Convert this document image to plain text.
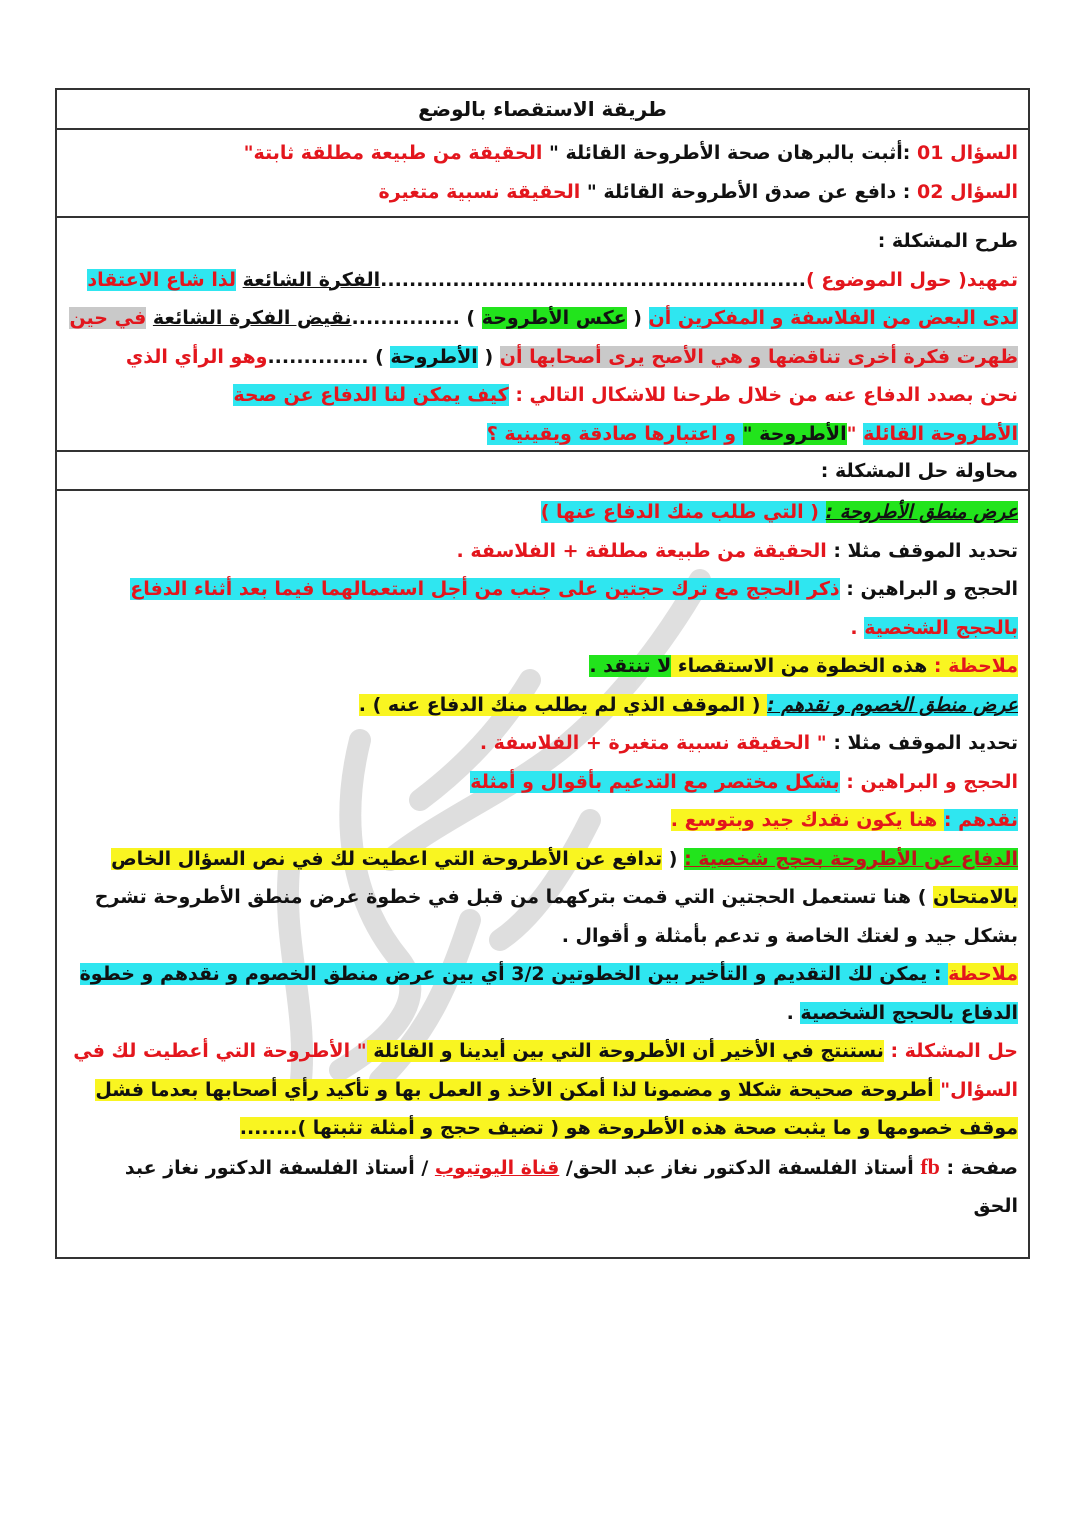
طريقة الاستقصاء بالوضع
السؤال 01 :أثبت بالبرهان صحة الأطروحة القائلة " الحقيقة من طبيعة مطلقة ثابتة"
السؤال 02 : دافع عن صدق الأطروحة القائلة " الحقيقة نسبية متغيرة
طرح المشكلة :
تمهيد( حول الموضوع )...........................................................الفكرة الشائعة لذا شاع الاعتقاد
لدى البعض من الفلاسفة و المفكرين أن ( عكس الأطروحة ) ...............نقيض الفكرة الشائعة في حين
ظهرت فكرة أخرى تناقضها و هي الأصح يرى أصحابها أن ( الأطروحة ) ..............وهو الرأي الذي
نحن بصدد الدفاع عنه من خلال طرحنا للاشكال التالي : كيف يمكن لنا الدفاع عن صحة
الأطروحة القائلة "الأطروحة " و اعتبارها صادقة ويقينية ؟
محاولة حل المشكلة :
عرض منطق الأطروحة : ( التي طلب منك الدفاع عنها )
تحديد الموقف مثلا : الحقيقة من طبيعة مطلقة + الفلاسفة .
الحجج و البراهين : ذكر الحجج مع ترك حجتين على جنب من أجل استعمالهما فيما بعد أثناء الدفاع
بالحجج الشخصية .
ملاحظة : هذه الخطوة من الاستقصاء لا تنتقد .
عرض منطق الخصوم و نقدهم : ( الموقف الذي لم يطلب منك الدفاع عنه ) .
تحديد الموقف مثلا : " الحقيقة نسبية متغيرة + الفلاسفة .
الحجج و البراهين : بشكل مختصر مع التدعيم بأقوال و أمثلة
نقدهم : هنا يكون نقدك جيد وبتوسع .
الدفاع عن الأطروحة بحجج شخصية : ( تدافع عن الأطروحة التي اعطيت لك في نص السؤال الخاص
بالامتحان ) هنا تستعمل الحجتين التي قمت بتركهما من قبل في خطوة عرض منطق الأطروحة تشرح
بشكل جيد و لغتك الخاصة و تدعم بأمثلة و أقوال .
ملاحظة : يمكن لك التقديم و التأخير بين الخطوتين 3/2 أي بين عرض منطق الخصوم و نقدهم و خطوة
الدفاع بالحجج الشخصية .
حل المشكلة : نستنتج في الأخير أن الأطروحة التي بين أيدينا و القائلة " الأطروحة التي أعطيت لك في
السؤال" أطروحة صحيحة شكلا و مضمونا لذا أمكن الأخذ و العمل بها و تأكيد رأي أصحابها بعدما فشل
موقف خصومها و ما يثبت صحة هذه الأطروحة هو ( تضيف حجج و أمثلة تثبتها )........
صفحة : fb أستاذ الفلسفة الدكتور نغاز عبد الحق/ قناة اليوتيوب / أستاذ الفلسفة الدكتور نغاز عبد
الحق
